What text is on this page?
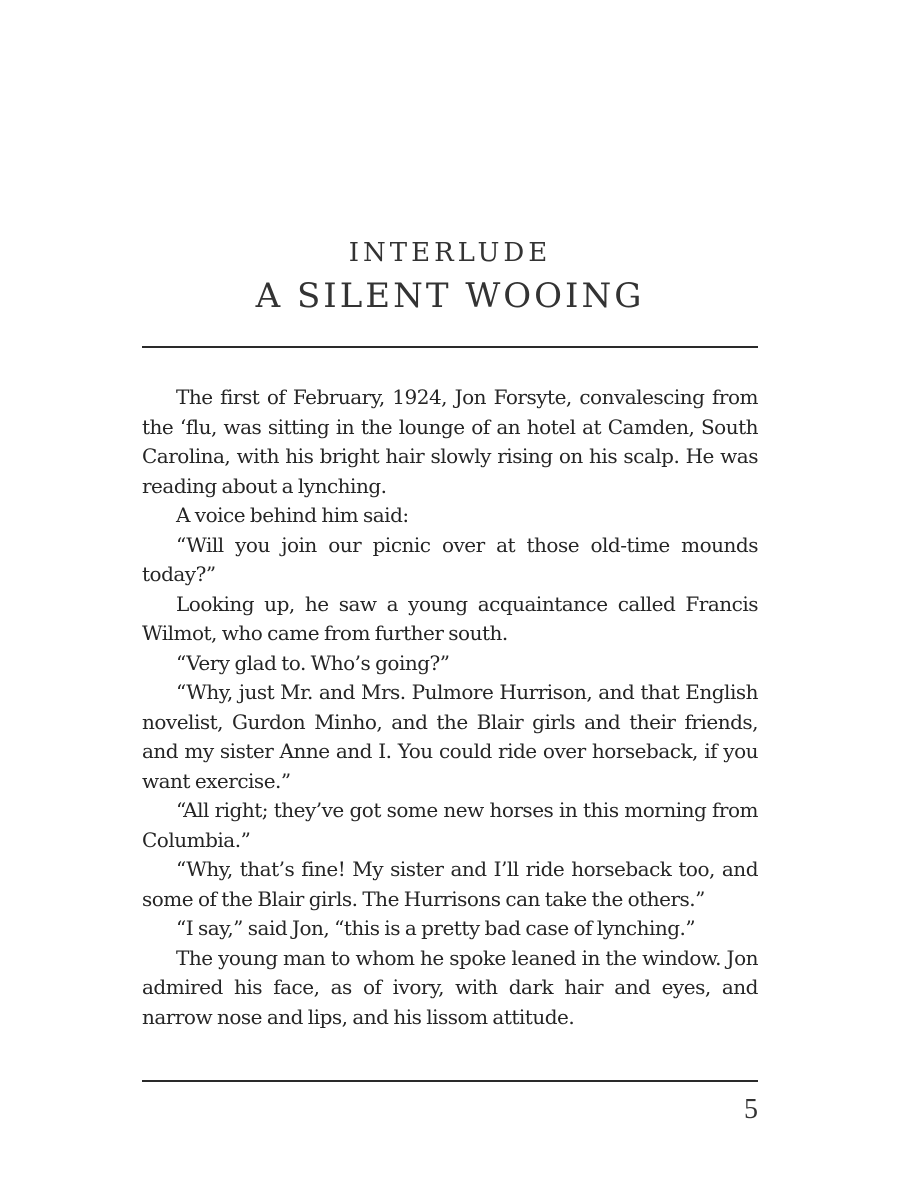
INTERLUDE
A SILENT WOOING

The first of February, 1924, Jon Forsyte, convalescing from the ‘flu, was sitting in the lounge of an hotel at Camden, South Carolina, with his bright hair slowly rising on his scalp. He was reading about a lynching.

A voice behind him said:

“Will you join our picnic over at those old-time mounds today?”

Looking up, he saw a young acquaintance called Francis Wilmot, who came from further south.

“Very glad to. Who’s going?”

“Why, just Mr. and Mrs. Pulmore Hurrison, and that English novelist, Gurdon Minho, and the Blair girls and their friends, and my sister Anne and I. You could ride over horseback, if you want exercise.”

“All right; they’ve got some new horses in this morning from Columbia.”

“Why, that’s fine! My sister and I’ll ride horseback too, and some of the Blair girls. The Hurrisons can take the others.”

“I say,” said Jon, “this is a pretty bad case of lynching.”

The young man to whom he spoke leaned in the window. Jon admired his face, as of ivory, with dark hair and eyes, and narrow nose and lips, and his lissom attitude.

5
